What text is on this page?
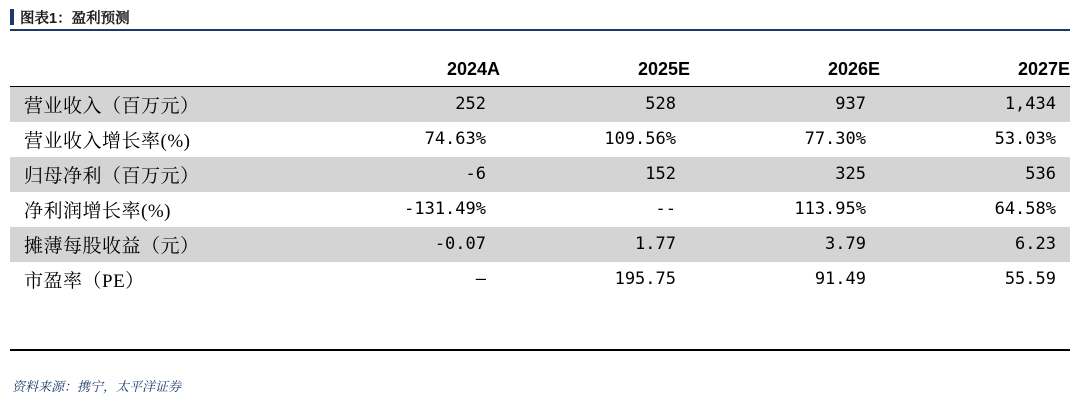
图表1：盈利预测
	2024A	2025E	2026E	2027E

营业收入（百万元）	252	528	937	1,434
营业收入增长率(%)	74.63%	109.56%	77.30%	53.03%
归母净利（百万元）	-6	152	325	536
净利润增长率(%)	-131.49%	--	113.95%	64.58%
摊薄每股收益（元）	-0.07	1.77	3.79	6.23
市盈率（PE）	—	195.75	91.49	55.59
资料来源：携宁，太平洋证券
